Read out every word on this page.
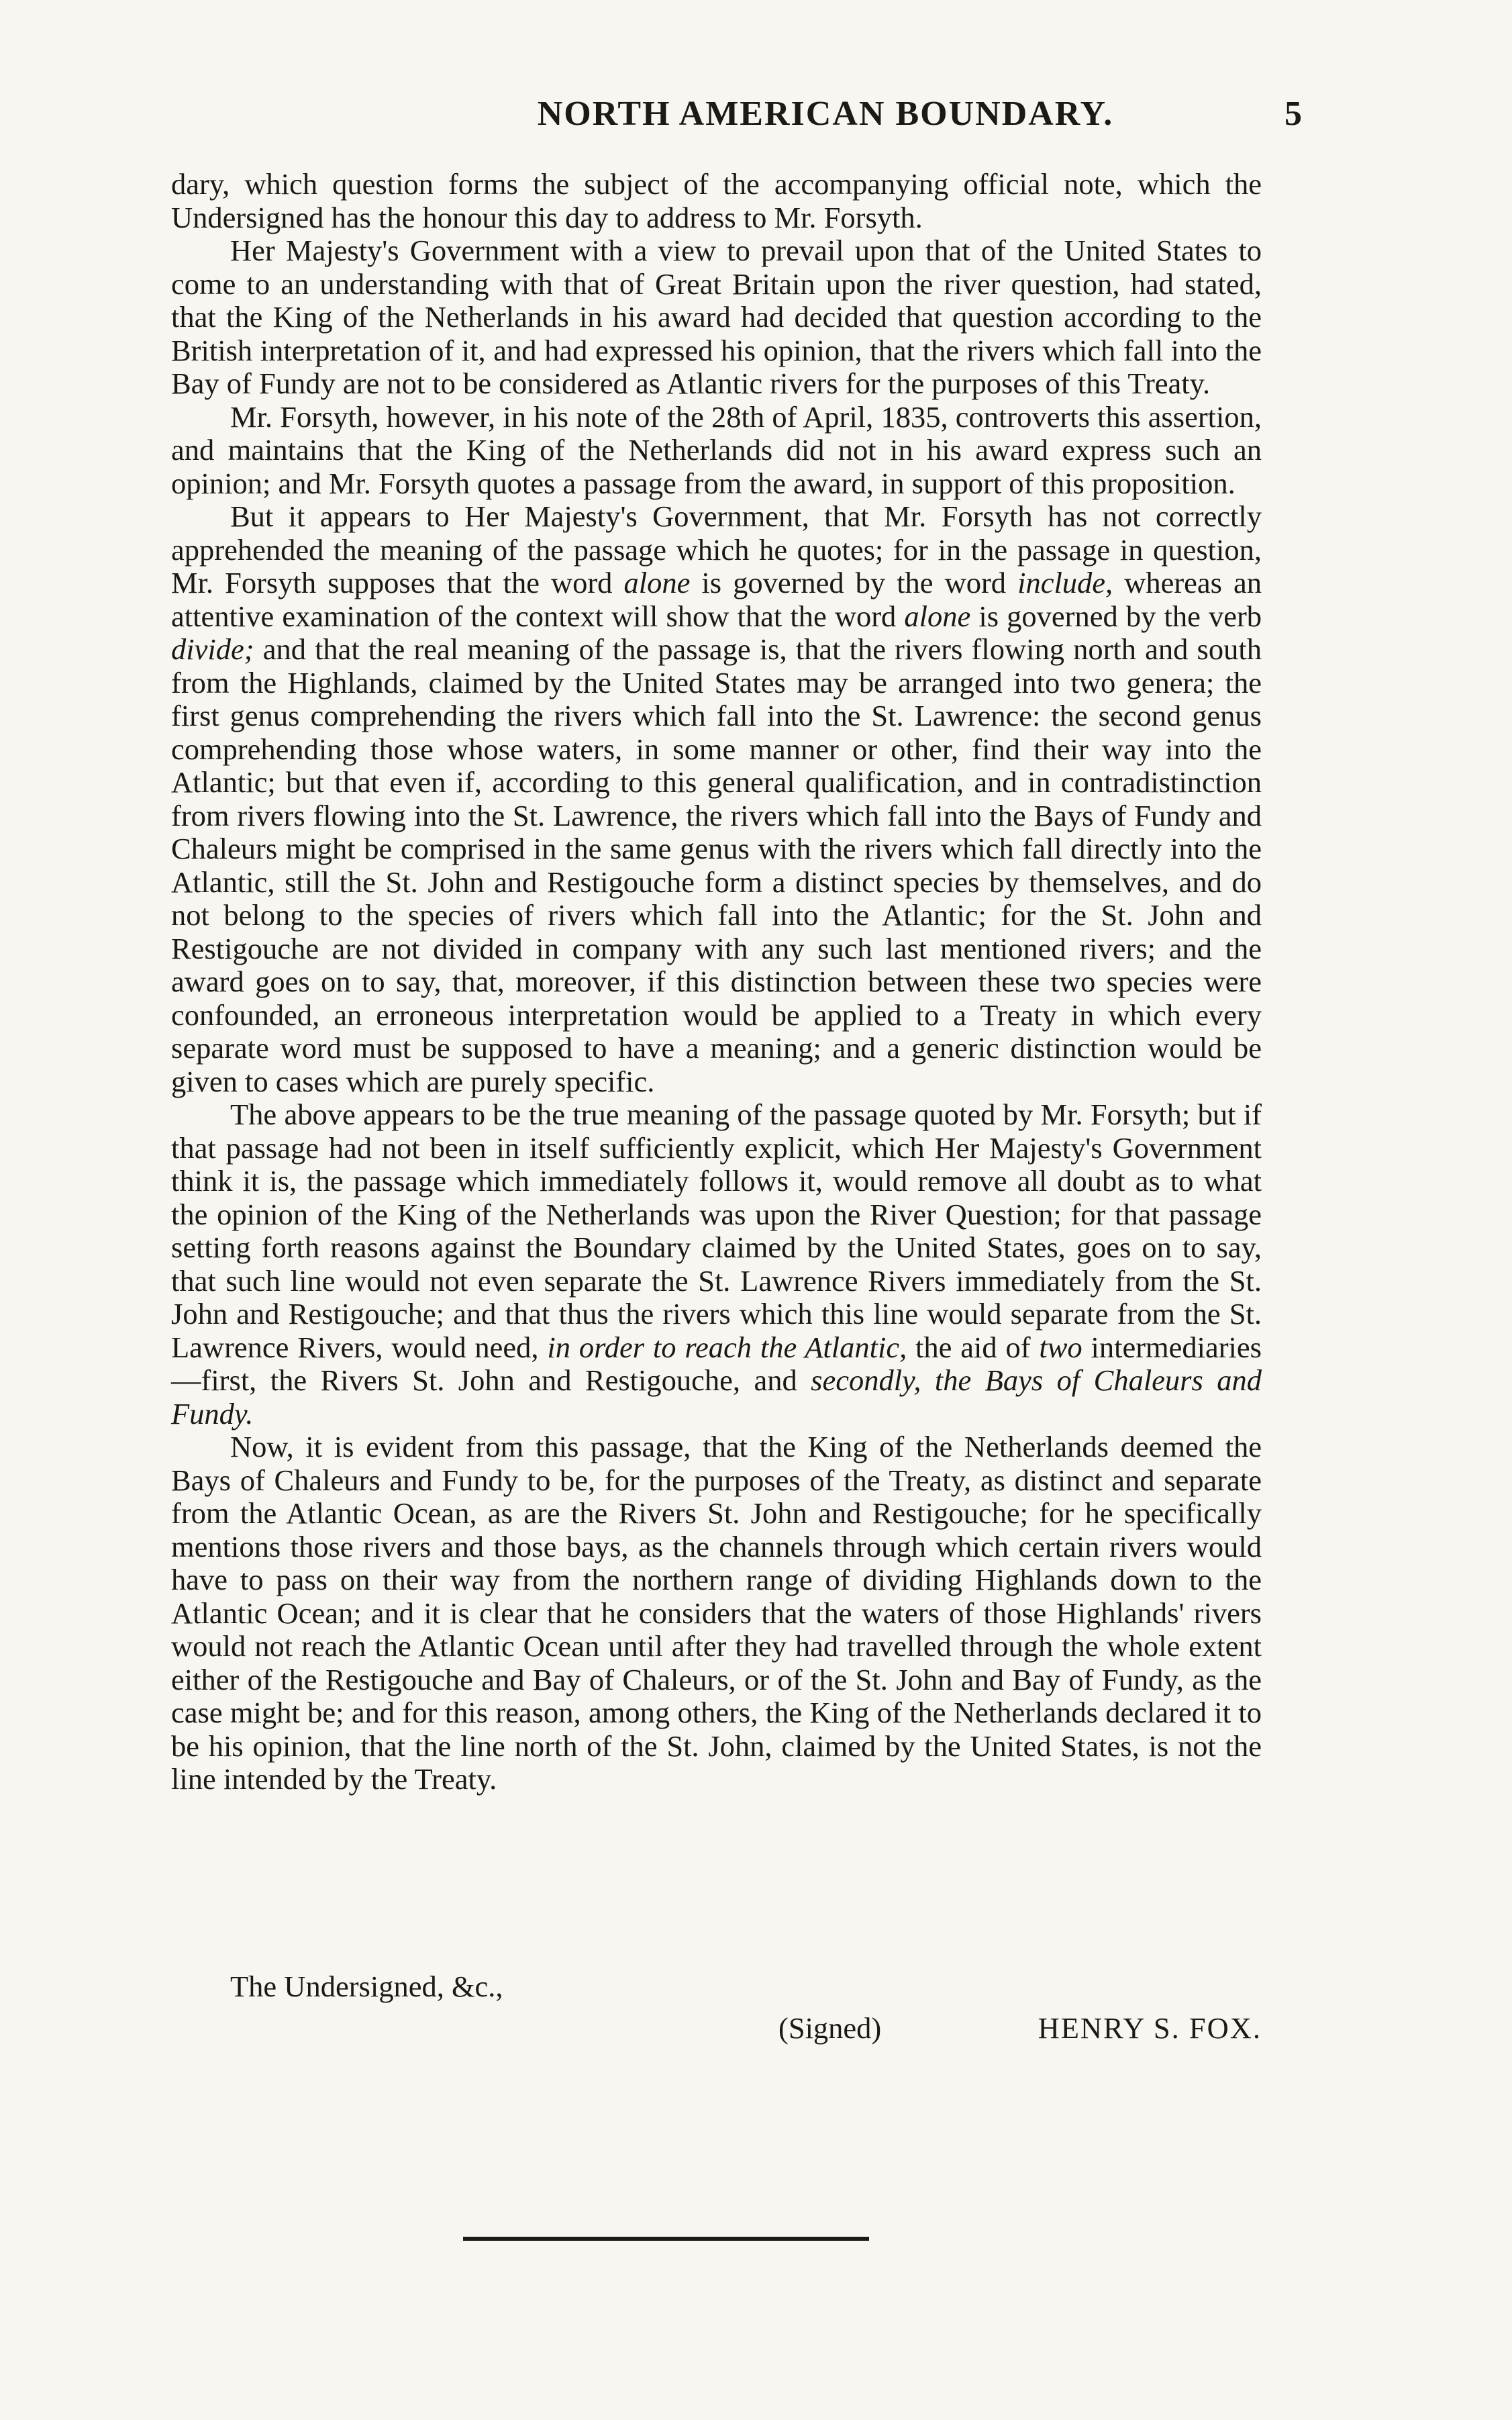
NORTH AMERICAN BOUNDARY.	5

dary, which question forms the subject of the accompanying official note, which the Undersigned has the honour this day to address to Mr. Forsyth.

Her Majesty's Government with a view to prevail upon that of the United States to come to an understanding with that of Great Britain upon the river question, had stated, that the King of the Netherlands in his award had decided that question according to the British interpretation of it, and had expressed his opinion, that the rivers which fall into the Bay of Fundy are not to be considered as Atlantic rivers for the purposes of this Treaty.

Mr. Forsyth, however, in his note of the 28th of April, 1835, controverts this assertion, and maintains that the King of the Netherlands did not in his award express such an opinion; and Mr. Forsyth quotes a passage from the award, in support of this proposition.

But it appears to Her Majesty's Government, that Mr. Forsyth has not correctly apprehended the meaning of the passage which he quotes; for in the passage in question, Mr. Forsyth supposes that the word alone is governed by the word include, whereas an attentive examination of the context will show that the word alone is governed by the verb divide; and that the real meaning of the passage is, that the rivers flowing north and south from the Highlands, claimed by the United States may be arranged into two genera; the first genus comprehending the rivers which fall into the St. Lawrence: the second genus comprehending those whose waters, in some manner or other, find their way into the Atlantic; but that even if, according to this general qualification, and in contradistinction from rivers flowing into the St. Lawrence, the rivers which fall into the Bays of Fundy and Chaleurs might be comprised in the same genus with the rivers which fall directly into the Atlantic, still the St. John and Restigouche form a distinct species by themselves, and do not belong to the species of rivers which fall into the Atlantic; for the St. John and Restigouche are not divided in company with any such last mentioned rivers; and the award goes on to say, that, moreover, if this distinction between these two species were confounded, an erroneous interpretation would be applied to a Treaty in which every separate word must be supposed to have a meaning; and a generic distinction would be given to cases which are purely specific.

The above appears to be the true meaning of the passage quoted by Mr. Forsyth; but if that passage had not been in itself sufficiently explicit, which Her Majesty's Government think it is, the passage which immediately follows it, would remove all doubt as to what the opinion of the King of the Netherlands was upon the River Question; for that passage setting forth reasons against the Boundary claimed by the United States, goes on to say, that such line would not even separate the St. Lawrence Rivers immediately from the St. John and Restigouche; and that thus the rivers which this line would separate from the St. Lawrence Rivers, would need, in order to reach the Atlantic, the aid of two intermediaries—first, the Rivers St. John and Restigouche, and secondly, the Bays of Chaleurs and Fundy.

Now, it is evident from this passage, that the King of the Netherlands deemed the Bays of Chaleurs and Fundy to be, for the purposes of the Treaty, as distinct and separate from the Atlantic Ocean, as are the Rivers St. John and Restigouche; for he specifically mentions those rivers and those bays, as the channels through which certain rivers would have to pass on their way from the northern range of dividing Highlands down to the Atlantic Ocean; and it is clear that he considers that the waters of those Highlands' rivers would not reach the Atlantic Ocean until after they had travelled through the whole extent either of the Restigouche and Bay of Chaleurs, or of the St. John and Bay of Fundy, as the case might be; and for this reason, among others, the King of the Netherlands declared it to be his opinion, that the line north of the St. John, claimed by the United States, is not the line intended by the Treaty.

The Undersigned, &c.,
(Signed)	HENRY S. FOX.
